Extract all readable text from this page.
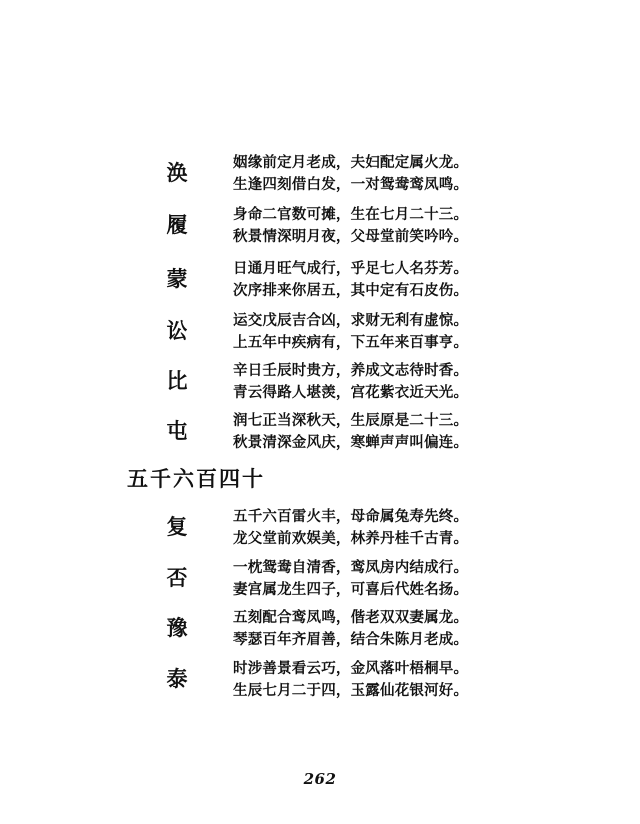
涣	姻缘前定月老成，夫妇配定属火龙。
生逢四刻借白发，一对鸳鸯鸾凤鸣。
履	身命二官数可摊，生在七月二十三。
秋景情深明月夜，父母堂前笑吟吟。
蒙	日通月旺气成行，乎足七人名芬芳。
次序排来你居五，其中定有石皮伤。
讼	运交戊辰吉合凶，求财无利有虚惊。
上五年中疾病有，下五年来百事亨。
比	辛日壬辰时贵方，养成文志待时香。
青云得路人堪羡，宫花紫衣近天光。
屯	润七正当深秋天，生辰原是二十三。
秋景清深金风庆，寒蝉声声叫偏连。
五千六百四十
复	五千六百雷火丰，母命属兔寿先终。
龙父堂前欢娱美，林养丹桂千古青。
否	一枕鸳鸯自清香，鸾凤房内结成行。
妻宫属龙生四子，可喜后代姓名扬。
豫	五刻配合鸾凤鸣，偕老双双妻属龙。
琴瑟百年齐眉善，结合朱陈月老成。
泰	时涉善景看云巧，金风落叶梧桐早。
生辰七月二于四，玉露仙花银河好。
262
